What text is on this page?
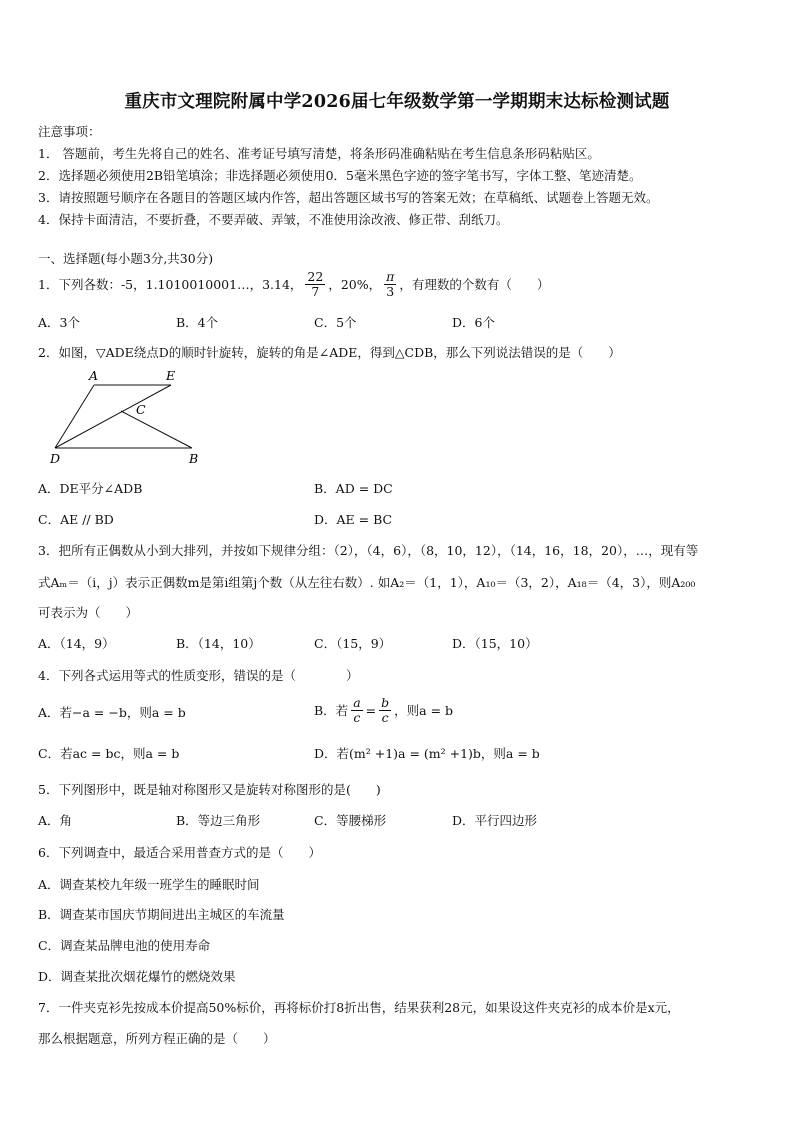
重庆市文理院附属中学2026届七年级数学第一学期期末达标检测试题
注意事项：
1． 答题前，考生先将自己的姓名、准考证号填写清楚，将条形码准确粘贴在考生信息条形码粘贴区。
2．选择题必须使用2B铅笔填涂；非选择题必须使用0．5毫米黑色字迹的签字笔书写，字体工整、笔迹清楚。
3．请按照题号顺序在各题目的答题区域内作答，超出答题区域书写的答案无效；在草稿纸、试题卷上答题无效。
4．保持卡面清洁，不要折叠，不要弄破、弄皱，不准使用涂改液、修正带、刮纸刀。
一、选择题(每小题3分,共30分)
1．下列各数：-5，1.1010010001…，3.14， $\frac{22}{7}$ ，20%， $\frac{\pi}{3}$ ，有理数的个数有（　　）
A．3个	B．4个	C．5个	D．6个
2．如图，▽ADE绕点D的顺时针旋转，旋转的角是∠ADE，得到△CDB，那么下列说法错误的是（　　）
A	E
C
D	B
A．DE平分∠ADB	B．AD = DC
C．AE // BD	D．AE = BC
3．把所有正偶数从小到大排列，并按如下规律分组：（2），（4，6），（8，10，12），（14，16，18，20），…，现有等
式Aₘ＝（i，j）表示正偶数m是第i组第j个数（从左往右数）. 如A₂＝（1，1），A₁₀＝（3，2），A₁₈＝（4，3），则A₂₀₀
可表示为（　　）
A．（14，9）	B．（14，10）	C．（15，9）	D．（15，10）
4．下列各式运用等式的性质变形，错误的是（　　　　）
A．若−a = −b，则a = b	B．若 $\frac{a}{c} = \frac{b}{c}$ ，则a = b
C．若ac = bc，则a = b	D．若(m² +1)a = (m² +1)b，则a = b
5．下列图形中，既是轴对称图形又是旋转对称图形的是(　　)
A．角	B．等边三角形	C．等腰梯形	D．平行四边形
6．下列调查中，最适合采用普查方式的是（　　）
A．调查某校九年级一班学生的睡眠时间
B．调查某市国庆节期间进出主城区的车流量
C．调查某品牌电池的使用寿命
D．调查某批次烟花爆竹的燃烧效果
7．一件夹克衫先按成本价提高50%标价，再将标价打8折出售，结果获利28元，如果设这件夹克衫的成本价是x元，
那么根据题意，所列方程正确的是（　　）
